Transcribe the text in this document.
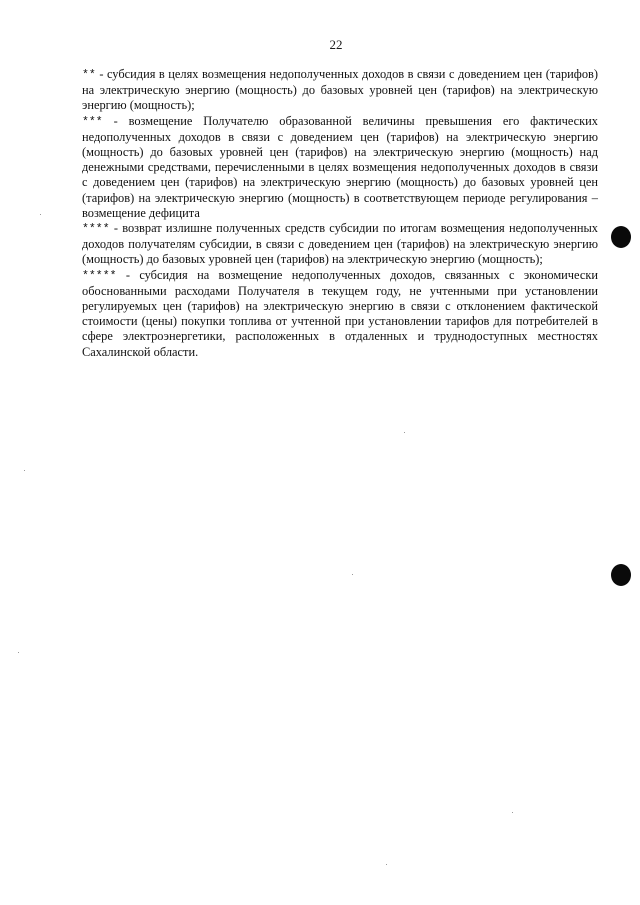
22

** - субсидия в целях возмещения недополученных доходов в связи с доведением цен (тарифов) на электрическую энергию (мощность) до базовых уровней цен (тарифов) на электрическую энергию (мощность);

*** - возмещение Получателю образованной величины превышения его фактических недополученных доходов в связи с доведением цен (тарифов) на электрическую энергию (мощность) до базовых уровней цен (тарифов) на электрическую энергию (мощность) над денежными средствами, перечисленными в целях возмещения недополученных доходов в связи с доведением цен (тарифов) на электрическую энергию (мощность) до базовых уровней цен (тарифов) на электрическую энергию (мощность) в соответствующем периоде регулирования – возмещение дефицита

**** - возврат излишне полученных средств субсидии по итогам возмещения недополученных доходов получателям субсидии, в связи с доведением цен (тарифов) на электрическую энергию (мощность) до базовых уровней цен (тарифов) на электрическую энергию (мощность);

***** - субсидия на возмещение недополученных доходов, связанных с экономически обоснованными расходами Получателя в текущем году, не учтенными при установлении регулируемых цен (тарифов) на электрическую энергию в связи с отклонением фактической стоимости (цены) покупки топлива от учтенной при установлении тарифов для потребителей в сфере электроэнергетики, расположенных в отдаленных и труднодоступных местностях Сахалинской области.
